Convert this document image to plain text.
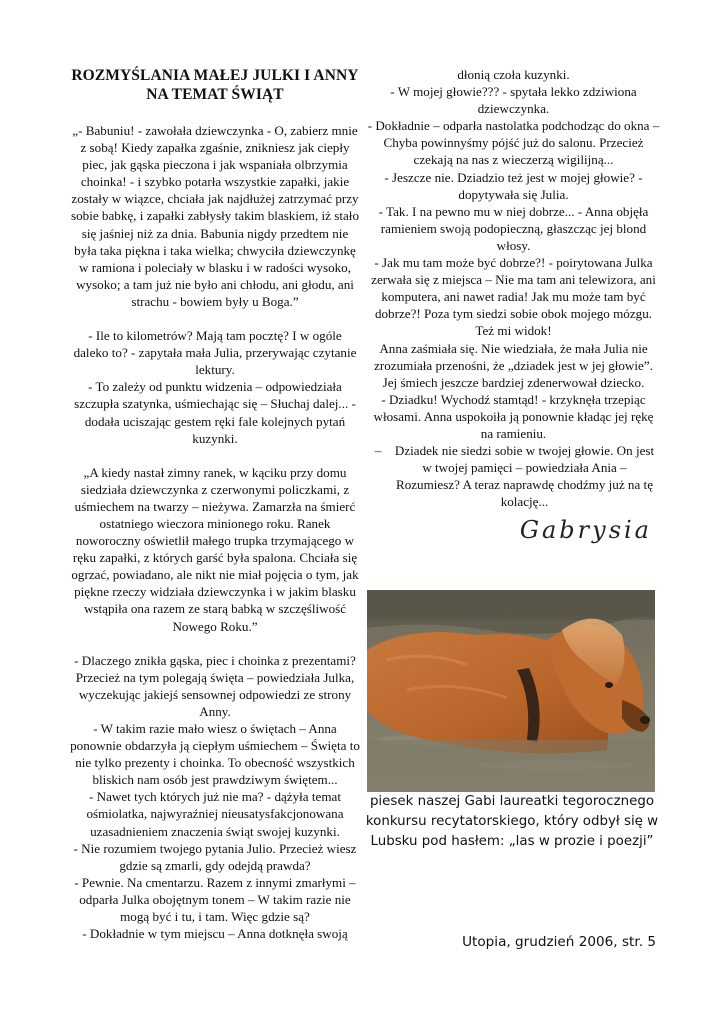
ROZMYŚLANIA MAŁEJ JULKI I ANNY NA TEMAT ŚWIĄT

„- Babuniu! - zawołała dziewczynka - O, zabierz mnie z sobą! Kiedy zapałka zgaśnie, znikniesz jak ciepły piec, jak gąska pieczona i jak wspaniała olbrzymia choinka! - i szybko potarła wszystkie zapałki, jakie zostały w wiązce, chciała jak najdłużej zatrzymać przy sobie babkę, i zapałki zabłysły takim blaskiem, iż stało się jaśniej niż za dnia. Babunia nigdy przedtem nie była taka piękna i taka wielka; chwyciła dziewczynkę w ramiona i poleciały w blasku i w radości wysoko, wysoko; a tam już nie było ani chłodu, ani głodu, ani strachu - bowiem były u Boga.”

- Ile to kilometrów? Mają tam pocztę? I w ogóle daleko to? - zapytała mała Julia, przerywając czytanie lektury.

- To zależy od punktu widzenia – odpowiedziała szczupła szatynka, uśmiechając się – Słuchaj dalej... - dodała uciszając gestem ręki fale kolejnych pytań kuzynki.

„A kiedy nastał zimny ranek, w kąciku przy domu siedziała dziewczynka z czerwonymi policzkami, z uśmiechem na twarzy – nieżywa. Zamarzła na śmierć ostatniego wieczora minionego roku. Ranek noworoczny oświetlił małego trupka trzymającego w ręku zapałki, z których garść była spalona. Chciała się ogrzać, powiadano, ale nikt nie miał pojęcia o tym, jak piękne rzeczy widziała dziewczynka i w jakim blasku wstąpiła ona razem ze starą babką w szczęśliwość Nowego Roku.”

- Dlaczego znikła gąska, piec i choinka z prezentami? Przecież na tym polegają święta – powiedziała Julka, wyczekując jakiejś sensownej odpowiedzi ze strony Anny.

- W takim razie mało wiesz o świętach – Anna ponownie obdarzyła ją ciepłym uśmiechem – Święta to nie tylko prezenty i choinka. To obecność wszystkich bliskich nam osób jest prawdziwym świętem...

- Nawet tych których już nie ma? - dążyła temat ośmiolatka, najwyraźniej nieusatysfakcjonowana uzasadnieniem znaczenia świąt swojej kuzynki.

- Nie rozumiem twojego pytania Julio. Przecież wiesz gdzie są zmarli, gdy odejdą prawda?

- Pewnie. Na cmentarzu. Razem z innymi zmarłymi – odparła Julka obojętnym tonem – W takim razie nie mogą być i tu, i tam. Więc gdzie są?

- Dokładnie w tym miejscu – Anna dotknęła swoją

dłonią czoła kuzynki.

- W mojej głowie??? - spytała lekko zdziwiona dziewczynka.

- Dokładnie – odparła nastolatka podchodząc do okna – Chyba powinnyśmy pójść już do salonu. Przecież czekają na nas z wieczerzą wigilijną...

- Jeszcze nie. Dziadzio też jest w mojej głowie? - dopytywała się Julia.

- Tak. I na pewno mu w niej dobrze... - Anna objęła ramieniem swoją podopieczną, głaszcząc jej blond włosy.

- Jak mu tam może być dobrze?! - poirytowana Julka zerwała się z miejsca – Nie ma tam ani telewizora, ani komputera, ani nawet radia! Jak mu może tam być dobrze?! Poza tym siedzi sobie obok mojego mózgu. Też mi widok!

Anna zaśmiała się. Nie wiedziała, że mała Julia nie zrozumiała przenośni, że „dziadek jest w jej głowie”. Jej śmiech jeszcze bardziej zdenerwował dziecko.

- Dziadku! Wychodź stamtąd! - krzyknęła trzepiąc włosami. Anna uspokoiła ją ponownie kładąc jej rękę na ramieniu.

–	Dziadek nie siedzi sobie w twojej głowie. On jest w twojej pamięci – powiedziała Ania – Rozumiesz? A teraz naprawdę chodźmy już na tę kolację...

Gabrysia
piesek naszej Gabi laureatki tegorocznego konkursu recytatorskiego, który odbył się w Lubsku pod hasłem: „las w prozie i poezji”
Utopia, grudzień 2006, str. 5
